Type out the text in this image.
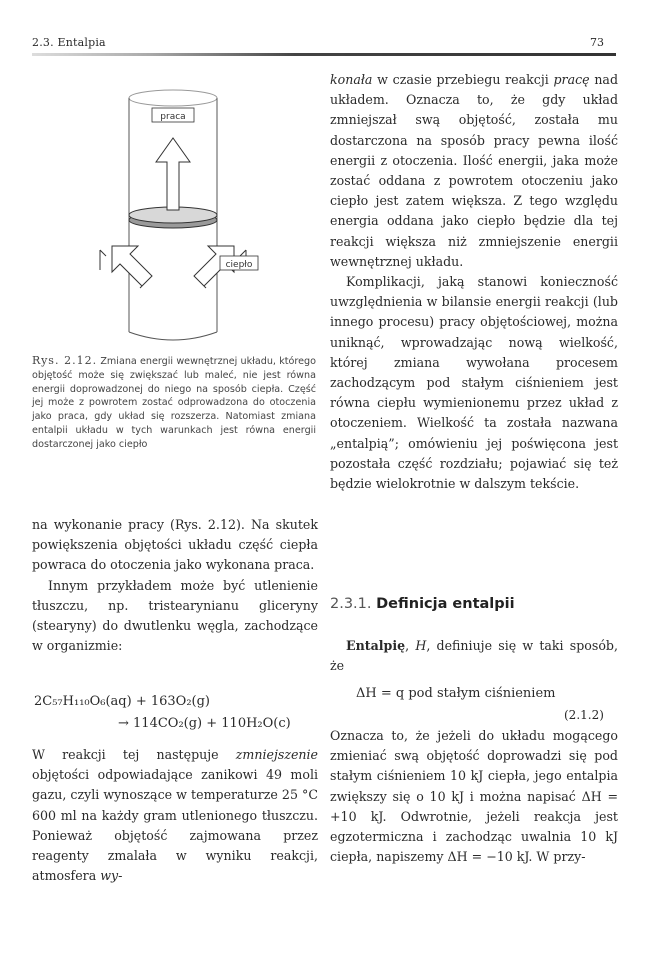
2.3. Entalpia	73
praca
ciepło
Rys. 2.12. Zmiana energii wewnętrznej układu, którego objętość może się zwiększać lub maleć, nie jest równa energii doprowadzonej do niego na sposób ciepła. Część jej może z powrotem zostać odprowadzona do otoczenia jako praca, gdy układ się rozszerza. Natomiast zmiana entalpii układu w tych warunkach jest równa energii dostarczonej jako ciepło

na wykonanie pracy (Rys. 2.12). Na skutek powiększenia objętości układu część ciepła powraca do otoczenia jako wykonana praca.

Innym przykładem może być utlenienie tłuszczu, np. tristearynianu gliceryny (stearyny) do dwutlenku węgla, zachodzące w organizmie:

2C₅₇H₁₁₀O₆(aq) + 163O₂(g)
→ 114CO₂(g) + 110H₂O(c)

W reakcji tej następuje zmniejszenie objętości odpowiadające zanikowi 49 moli gazu, czyli wynoszące w temperaturze 25 °C 600 ml na każdy gram utlenionego tłuszczu. Ponieważ objętość zajmowana przez reagenty zmalała w wyniku reakcji, atmosfera wy-

konała w czasie przebiegu reakcji pracę nad układem. Oznacza to, że gdy układ zmniejszał swą objętość, została mu dostarczona na sposób pracy pewna ilość energii z otoczenia. Ilość energii, jaka może zostać oddana z powrotem otoczeniu jako ciepło jest zatem większa. Z tego względu energia oddana jako ciepło będzie dla tej reakcji większa niż zmniejszenie energii wewnętrznej układu.

Komplikacji, jaką stanowi konieczność uwzględnienia w bilansie energii reakcji (lub innego procesu) pracy objętościowej, można uniknąć, wprowadzając nową wielkość, której zmiana wywołana procesem zachodzącym pod stałym ciśnieniem jest równa ciepłu wymienionemu przez układ z otoczeniem. Wielkość ta została nazwana „entalpią”; omówieniu jej poświęcona jest pozostała część rozdziału; pojawiać się też będzie wielokrotnie w dalszym tekście.

2.3.1. Definicja entalpii

Entalpię, H, definiuje się w taki sposób, że

ΔH = q pod stałym ciśnieniem
(2.1.2)

Oznacza to, że jeżeli do układu mogącego zmieniać swą objętość doprowadzi się pod stałym ciśnieniem 10 kJ ciepła, jego entalpia zwiększy się o 10 kJ i można napisać ΔH = +10 kJ. Odwrotnie, jeżeli reakcja jest egzotermiczna i zachodząc uwalnia 10 kJ ciepła, napiszemy ΔH = −10 kJ. W przy-
